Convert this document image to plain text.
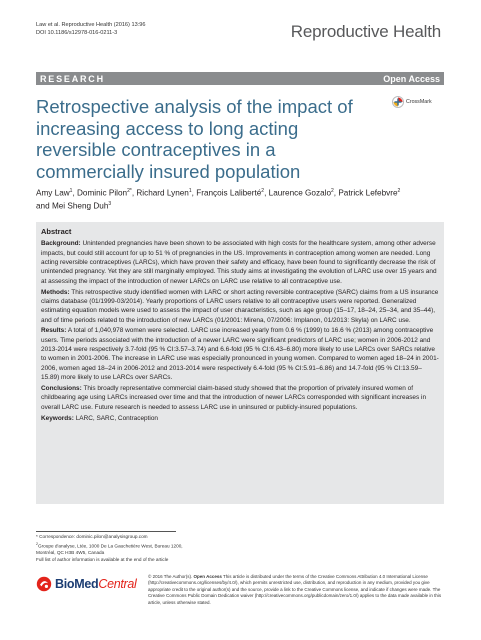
Law et al. Reproductive Health (2016) 13:96
DOI 10.1186/s12978-016-0211-3	Reproductive Health
RESEARCH	Open Access
Retrospective analysis of the impact of increasing access to long acting reversible contraceptives in a commercially insured population
CrossMark
Amy Law$^1$, Dominic Pilon$^{2*}$, Richard Lynen$^1$, François Laliberté$^2$, Laurence Gozalo$^2$, Patrick Lefebvre$^2$
and Mei Sheng Duh$^3$
Abstract

Background: Unintended pregnancies have been shown to be associated with high costs for the healthcare system, among other adverse impacts, but could still account for up to 51 % of pregnancies in the US. Improvements in contraception among women are needed. Long acting reversible contraceptives (LARCs), which have proven their safety and efficacy, have been found to significantly decrease the risk of unintended pregnancy. Yet they are still marginally employed. This study aims at investigating the evolution of LARC use over 15 years and at assessing the impact of the introduction of newer LARCs on LARC use relative to all contraceptive use.

Methods: This retrospective study identified women with LARC or short acting reversible contraceptive (SARC) claims from a US insurance claims database (01/1999-03/2014). Yearly proportions of LARC users relative to all contraceptive users were reported. Generalized estimating equation models were used to assess the impact of user characteristics, such as age group (15–17, 18–24, 25–34, and 35–44), and of time periods related to the introduction of new LARCs (01/2001: Mirena, 07/2006: Implanon, 01/2013: Skyla) on LARC use.

Results: A total of 1,040,978 women were selected. LARC use increased yearly from 0.6 % (1999) to 16.6 % (2013) among contraceptive users. Time periods associated with the introduction of a newer LARC were significant predictors of LARC use; women in 2006-2012 and 2013-2014 were respectively 3.7-fold (95 % CI:3.57–3.74) and 6.6-fold (95 % CI:6.43–6.80) more likely to use LARCs over SARCs relative to women in 2001-2006. The increase in LARC use was especially pronounced in young women. Compared to women aged 18–24 in 2001-2006, women aged 18–24 in 2006-2012 and 2013-2014 were respectively 6.4-fold (95 % CI:5.91–6.86) and 14.7-fold (95 % CI:13.59–15.89) more likely to use LARCs over SARCs.

Conclusions: This broadly representative commercial claim-based study showed that the proportion of privately insured women of childbearing age using LARCs increased over time and that the introduction of newer LARCs corresponded with significant increases in overall LARC use. Future research is needed to assess LARC use in uninsured or publicly-insured populations.

Keywords: LARC, SARC, Contraception

* Correspondence: dominic.pilon@analysisgroup.com
$^2$Groupe d'analyse, Ltée, 1000 De La Gauchetière West, Bureau 1200,
Montréal, QC H3B 4W5, Canada
Full list of author information is available at the end of the article
BioMedCentral
© 2016 The Author(s). Open Access This article is distributed under the terms of the Creative Commons Attribution 4.0 International License (http://creativecommons.org/licenses/by/4.0/), which permits unrestricted use, distribution, and reproduction in any medium, provided you give appropriate credit to the original author(s) and the source, provide a link to the Creative Commons license, and indicate if changes were made. The Creative Commons Public Domain Dedication waiver (http://creativecommons.org/publicdomain/zero/1.0/) applies to the data made available in this article, unless otherwise stated.
